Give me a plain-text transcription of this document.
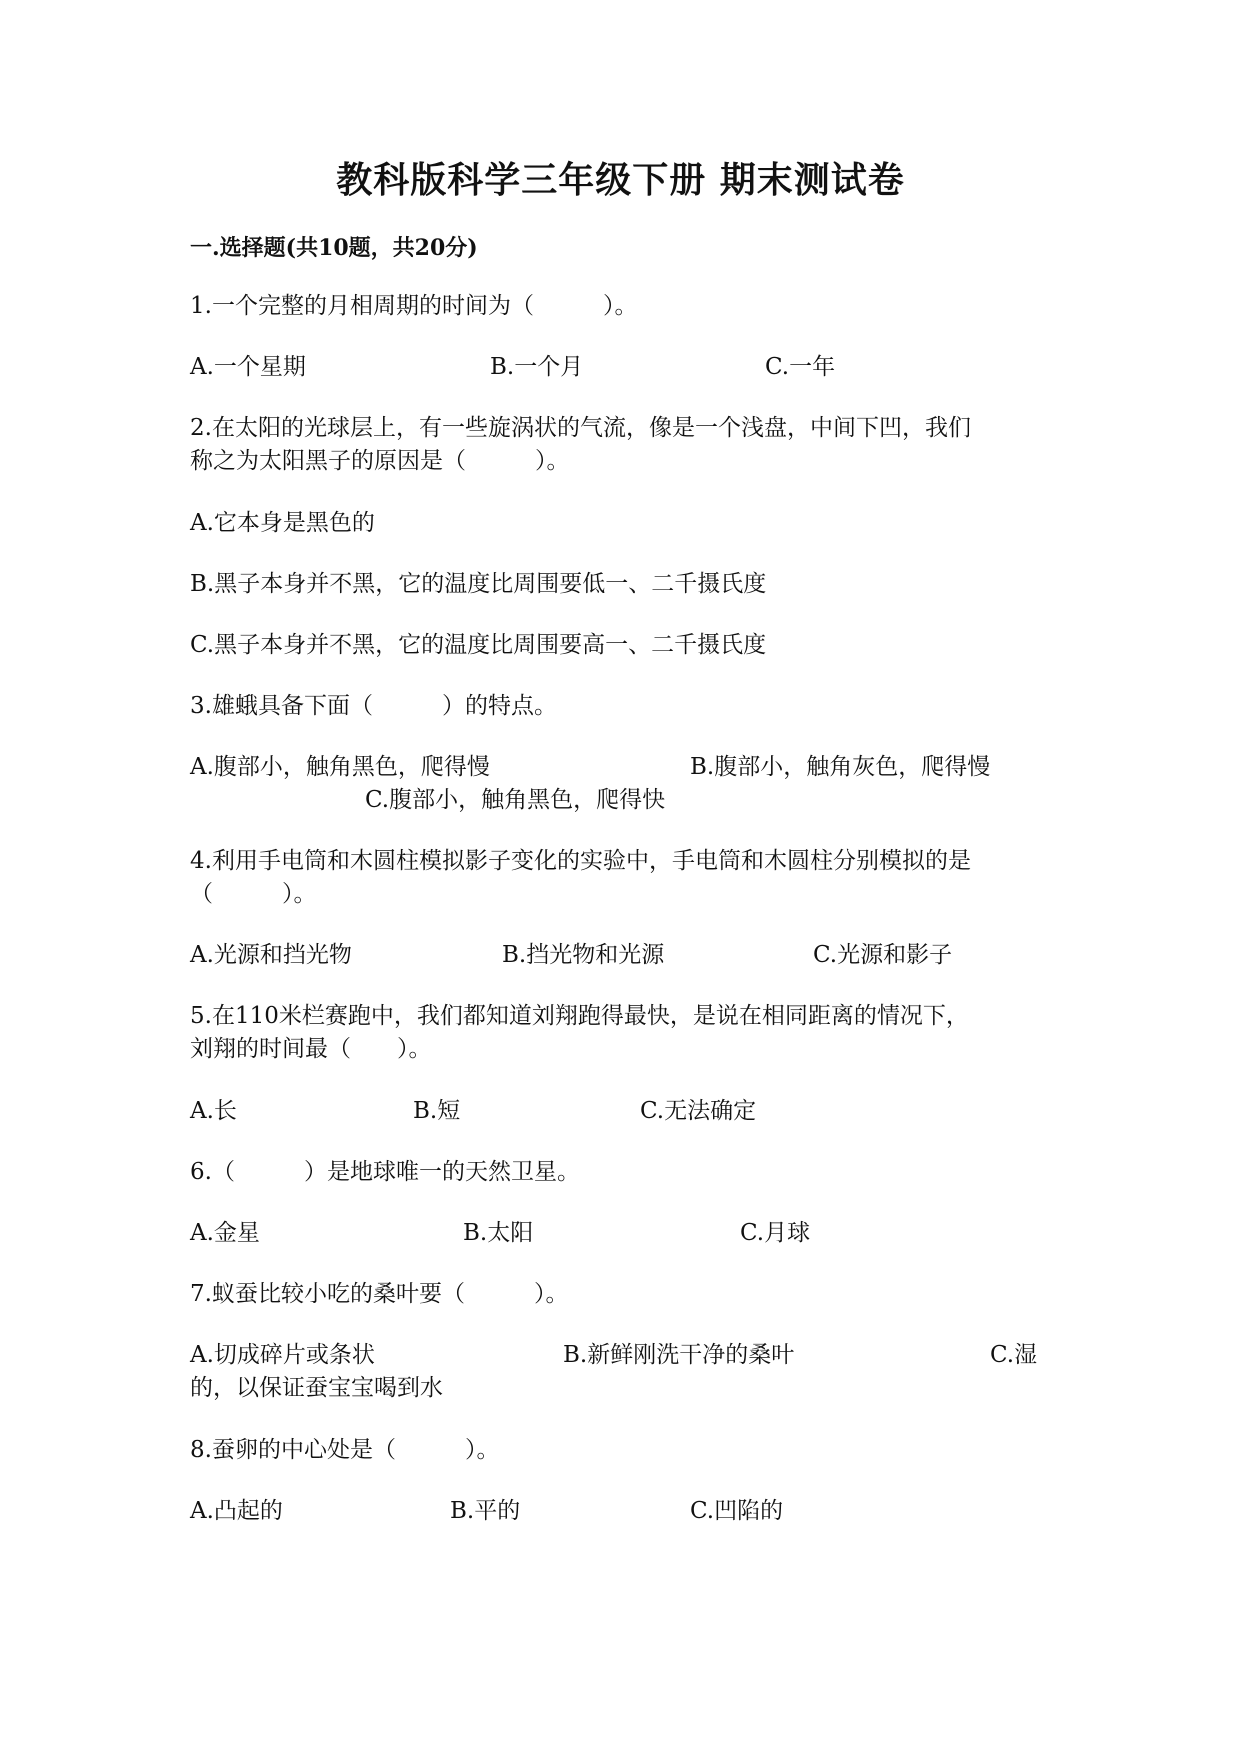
教科版科学三年级下册 期末测试卷
一.选择题(共10题，共20分)
1.一个完整的月相周期的时间为（　　　）。
A.一个星期	B.一个月	C.一年
2.在太阳的光球层上，有一些旋涡状的气流，像是一个浅盘，中间下凹，我们
称之为太阳黑子的原因是（　　　）。
A.它本身是黑色的
B.黑子本身并不黑，它的温度比周围要低一、二千摄氏度
C.黑子本身并不黑，它的温度比周围要高一、二千摄氏度
3.雄蛾具备下面（　　　）的特点。
A.腹部小，触角黑色，爬得慢	B.腹部小，触角灰色，爬得慢
C.腹部小，触角黑色，爬得快
4.利用手电筒和木圆柱模拟影子变化的实验中，手电筒和木圆柱分别模拟的是
（　　　）。
A.光源和挡光物	B.挡光物和光源	C.光源和影子
5.在110米栏赛跑中，我们都知道刘翔跑得最快，是说在相同距离的情况下，
刘翔的时间最（　　）。
A.长	B.短	C.无法确定
6.（　　　）是地球唯一的天然卫星。
A.金星	B.太阳	C.月球
7.蚁蚕比较小吃的桑叶要（　　　）。
A.切成碎片或条状	B.新鲜刚洗干净的桑叶	C.湿
的，以保证蚕宝宝喝到水
8.蚕卵的中心处是（　　　）。
A.凸起的	B.平的	C.凹陷的
